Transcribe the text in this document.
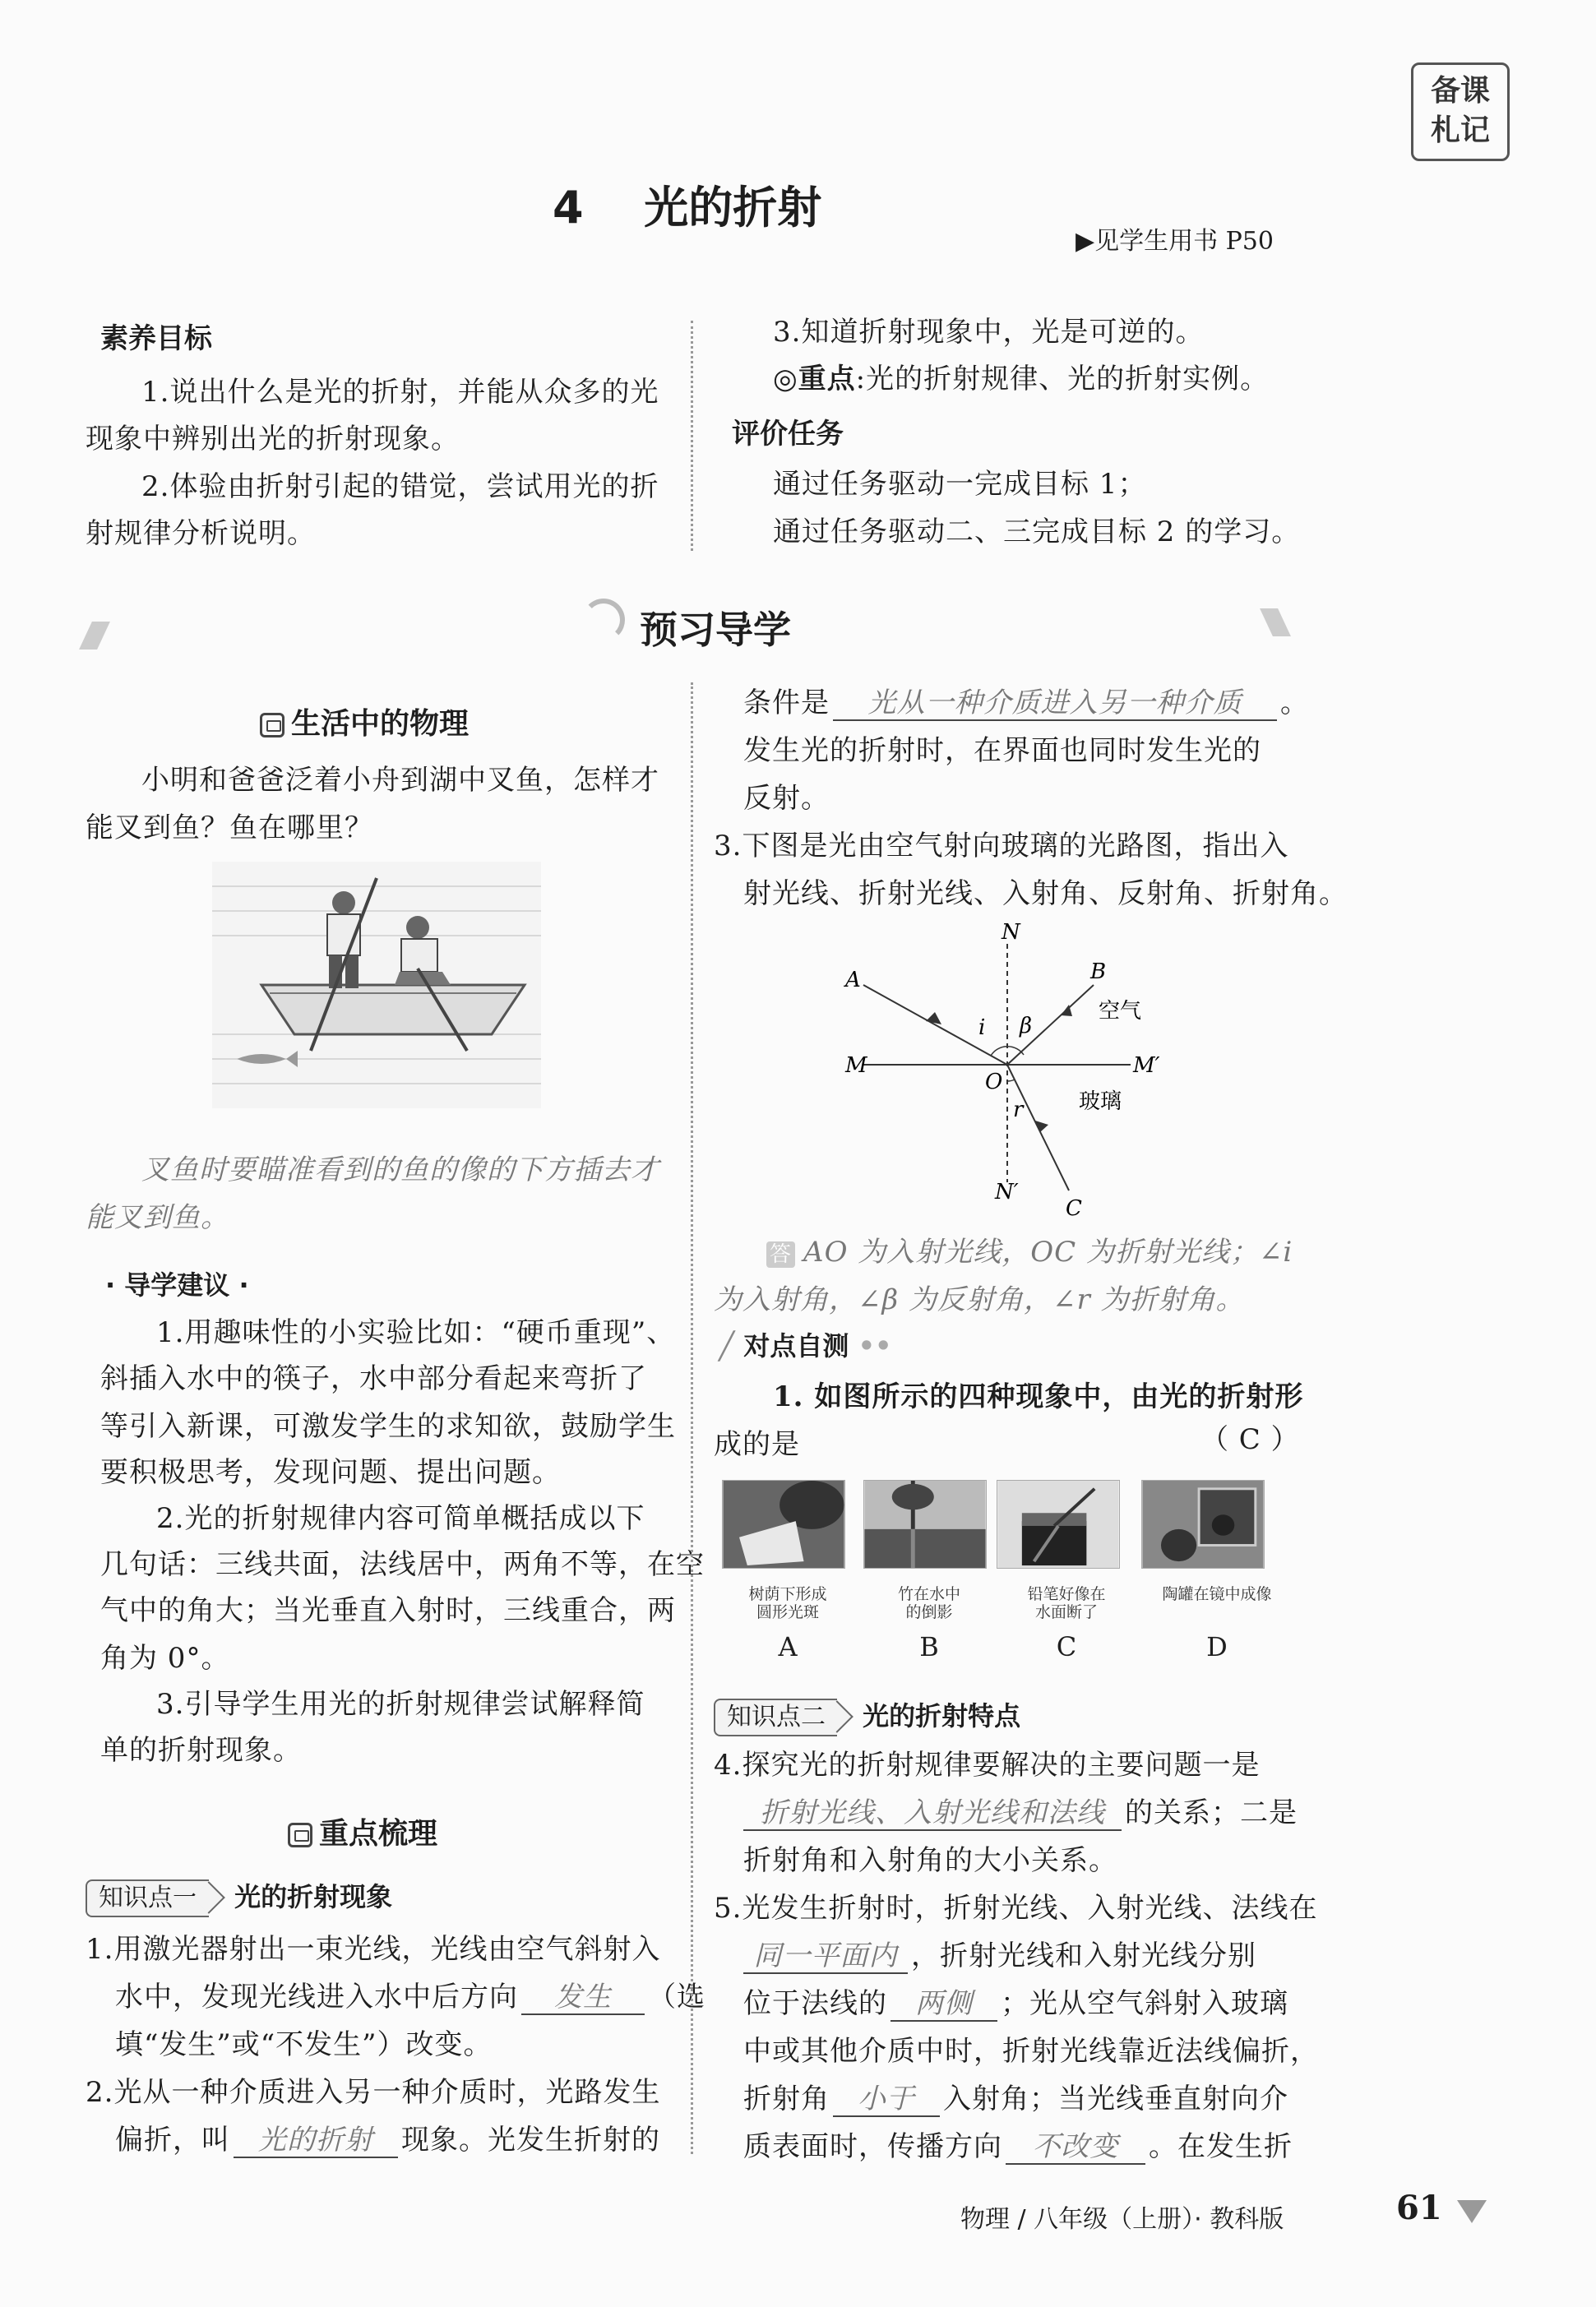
备课
札记
4 光的折射
▶见学生用书 P50
素养目标
1.说出什么是光的折射，并能从众多的光
现象中辨别出光的折射现象。
2.体验由折射引起的错觉，尝试用光的折
射规律分析说明。
3.知道折射现象中，光是可逆的。
◎重点:光的折射规律、光的折射实例。
评价任务
通过任务驱动一完成目标 1；
通过任务驱动二、三完成目标 2 的学习。
预习导学
生活中的物理
小明和爸爸泛着小舟到湖中叉鱼，怎样才
能叉到鱼？鱼在哪里？
叉鱼时要瞄准看到的鱼的像的下方插去才
能叉到鱼。
· 导学建议 ·
1.用趣味性的小实验比如：“硬币重现”、
斜插入水中的筷子，水中部分看起来弯折了
等引入新课，可激发学生的求知欲，鼓励学生
要积极思考，发现问题、提出问题。
2.光的折射规律内容可简单概括成以下
几句话：三线共面，法线居中，两角不等，在空
气中的角大；当光垂直入射时，三线重合，两
角为 0°。
3.引导学生用光的折射规律尝试解释简
单的折射现象。
重点梳理
知识点一 光的折射现象
1.用激光器射出一束光线，光线由空气斜射入
水中，发现光线进入水中后方向 发生 （选
填“发生”或“不发生”）改变。
2.光从一种介质进入另一种介质时，光路发生
偏折，叫 光的折射 现象。光发生折射的
条件是 光从一种介质进入另一种介质 。
发生光的折射时，在界面也同时发生光的
反射。
3.下图是光由空气射向玻璃的光路图，指出入
射光线、折射光线、入射角、反射角、折射角。
N
A	B
M	M′
O
N′
C
i β
r
空气
玻璃
答 AO 为入射光线，OC 为折射光线；∠i
为入射角，∠β 为反射角，∠r 为折射角。
╱ 对点自测 ••
1. 如图所示的四种现象中，由光的折射形
成的是	（ C ）
树荫下形成
圆形光斑
A
竹在水中
的倒影
B
铅笔好像在
水面断了
C
陶罐在镜中成像
D
知识点二 光的折射特点
4.探究光的折射规律要解决的主要问题一是
折射光线、入射光线和法线 的关系；二是
折射角和入射角的大小关系。
5.光发生折射时，折射光线、入射光线、法线在
同一平面内 ，折射光线和入射光线分别
位于法线的 两侧 ；光从空气斜射入玻璃
中或其他介质中时，折射光线靠近法线偏折，
折射角 小于 入射角；当光线垂直射向介
质表面时，传播方向 不改变 。在发生折
物理 / 八年级（上册）· 教科版	61
